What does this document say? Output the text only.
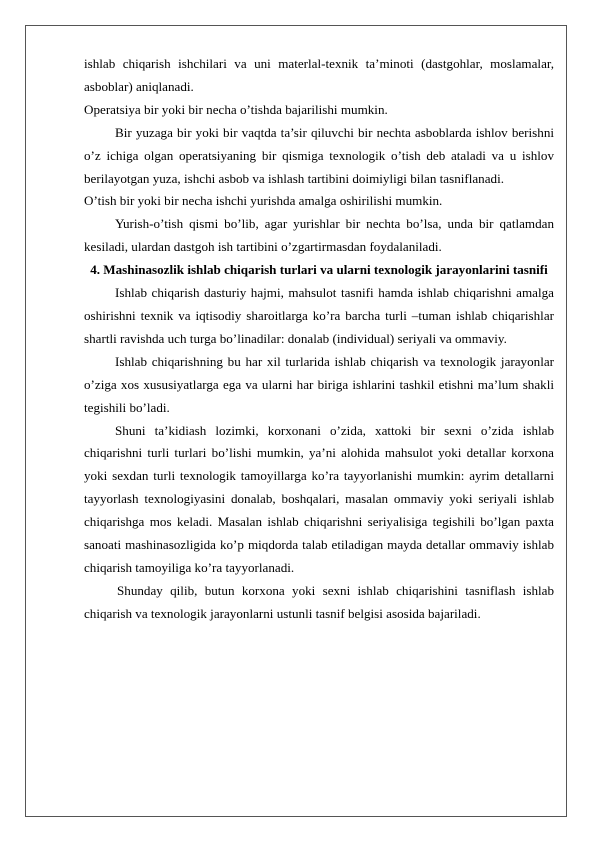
ishlab chiqarish ishchilari va uni materlal-texnik ta’minoti (dastgohlar, moslamalar, asboblar) aniqlanadi.

Operatsiya bir yoki bir necha o’tishda bajarilishi mumkin.

Bir yuzaga bir yoki bir vaqtda ta’sir qiluvchi bir nechta asboblarda ishlov berishni o’z ichiga olgan operatsiyaning bir qismiga texnologik o’tish deb ataladi va u ishlov berilayotgan yuza, ishchi asbob va ishlash tartibini doimiyligi bilan tasniflanadi.

O’tish bir yoki bir necha ishchi yurishda amalga oshirilishi mumkin.

Yurish-o’tish qismi bo’lib, agar yurishlar bir nechta bo’lsa, unda bir qatlamdan kesiladi, ulardan dastgoh ish tartibini o’zgartirmasdan foydalaniladi.

4. Mashinasozlik ishlab chiqarish turlari va ularni texnologik jarayonlarini tasnifi

Ishlab chiqarish dasturiy hajmi, mahsulot tasnifi hamda ishlab chiqarishni amalga oshirishni texnik va iqtisodiy sharoitlarga ko’ra barcha turli –tuman ishlab chiqarishlar shartli ravishda uch turga bo’linadilar: donalab (individual) seriyali va ommaviy.

Ishlab chiqarishning bu har xil turlarida ishlab chiqarish va texnologik jarayonlar o’ziga xos xususiyatlarga ega va ularni har biriga ishlarini tashkil etishni ma’lum shakli tegishili bo’ladi.

Shuni ta’kidiash lozimki, korxonani o’zida, xattoki bir sexni o’zida ishlab chiqarishni turli turlari bo’lishi mumkin, ya’ni alohida mahsulot yoki detallar korxona yoki sexdan turli texnologik tamoyillarga ko’ra tayyorlanishi mumkin: ayrim detallarni tayyorlash texnologiyasini donalab, boshqalari, masalan ommaviy yoki seriyali ishlab chiqarishga mos keladi. Masalan ishlab chiqarishni seriyalisiga tegishili bo’lgan paxta sanoati mashinasozligida ko’p miqdorda talab etiladigan mayda detallar ommaviy ishlab chiqarish tamoyiliga ko’ra tayyorlanadi.

Shunday qilib, butun korxona yoki sexni ishlab chiqarishini tasniflash ishlab chiqarish va texnologik jarayonlarni ustunli tasnif belgisi asosida bajariladi.
